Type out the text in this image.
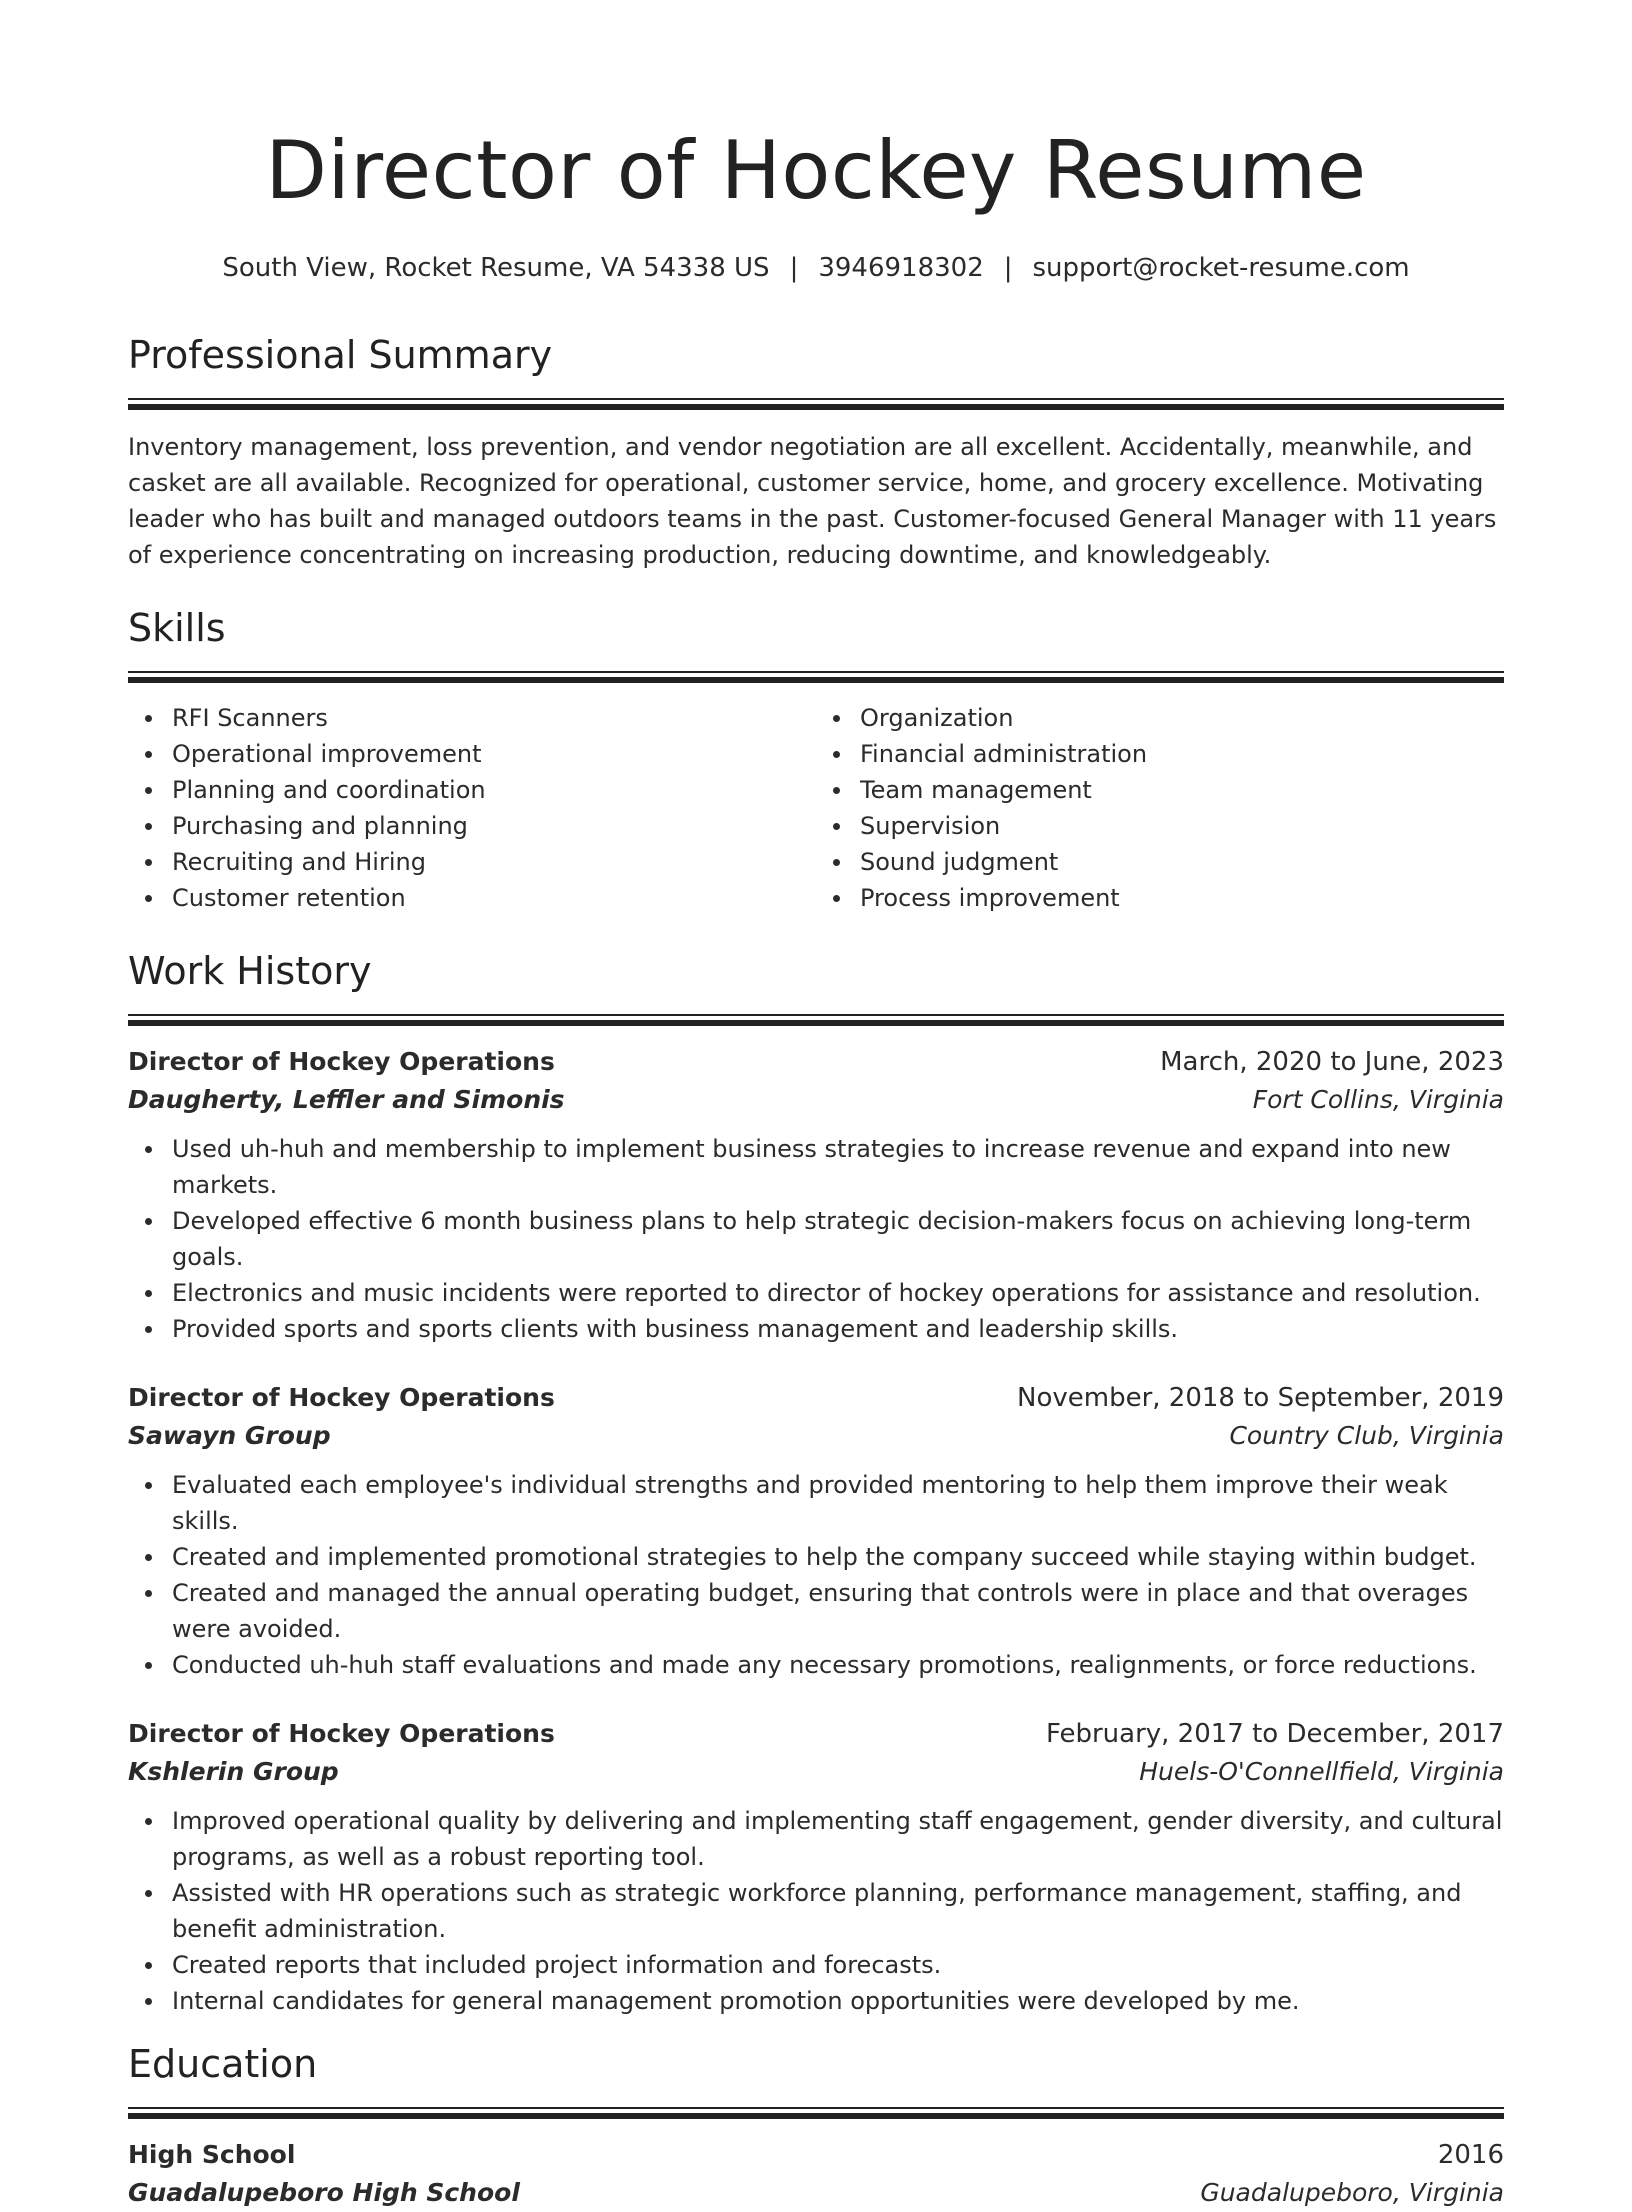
Director of Hockey Resume
South View, Rocket Resume, VA 54338 US | 3946918302 | support@rocket-resume.com
Professional Summary

Inventory management, loss prevention, and vendor negotiation are all excellent. Accidentally, meanwhile, and casket are all available. Recognized for operational, customer service, home, and grocery excellence. Motivating leader who has built and managed outdoors teams in the past. Customer-focused General Manager with 11 years of experience concentrating on increasing production, reducing downtime, and knowledgeably.

Skills
RFI Scanners
Operational improvement
Planning and coordination
Purchasing and planning
Recruiting and Hiring
Customer retention
Organization
Financial administration
Team management
Supervision
Sound judgment
Process improvement
Work History
Director of Hockey Operations	March, 2020 to June, 2023
Daugherty, Leffler and Simonis	Fort Collins, Virginia
Used uh-huh and membership to implement business strategies to increase revenue and expand into new markets.
Developed effective 6 month business plans to help strategic decision-makers focus on achieving long-term goals.
Electronics and music incidents were reported to director of hockey operations for assistance and resolution.
Provided sports and sports clients with business management and leadership skills.
Director of Hockey Operations	November, 2018 to September, 2019
Sawayn Group	Country Club, Virginia
Evaluated each employee's individual strengths and provided mentoring to help them improve their weak skills.
Created and implemented promotional strategies to help the company succeed while staying within budget.
Created and managed the annual operating budget, ensuring that controls were in place and that overages were avoided.
Conducted uh-huh staff evaluations and made any necessary promotions, realignments, or force reductions.
Director of Hockey Operations	February, 2017 to December, 2017
Kshlerin Group	Huels-O'Connellfield, Virginia
Improved operational quality by delivering and implementing staff engagement, gender diversity, and cultural programs, as well as a robust reporting tool.
Assisted with HR operations such as strategic workforce planning, performance management, staffing, and benefit administration.
Created reports that included project information and forecasts.
Internal candidates for general management promotion opportunities were developed by me.
Education
High School	2016
Guadalupeboro High School	Guadalupeboro, Virginia
